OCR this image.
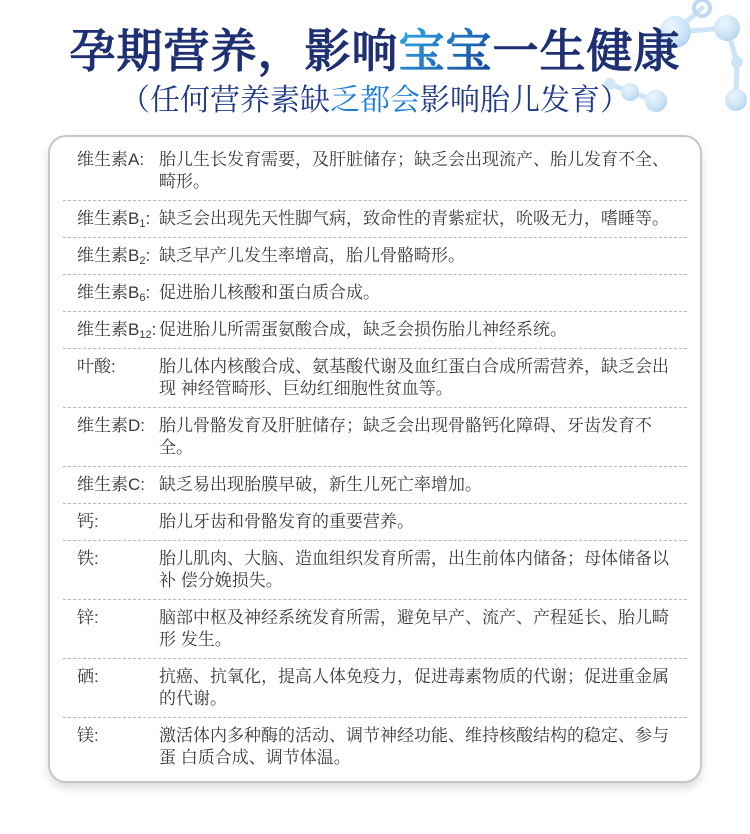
孕期营养，影响宝宝一生健康
（任何营养素缺乏都会影响胎儿发育）
维生素A: 胎儿生长发育需要，及肝脏储存；缺乏会出现流产、胎儿发育不全、畸形。
维生素$B_1$: 缺乏会出现先天性脚气病，致命性的青紫症状，吮吸无力，嗜睡等。
维生素$B_2$: 缺乏早产儿发生率增高，胎儿骨骼畸形。
维生素$B_6$: 促进胎儿核酸和蛋白质合成。
维生素$B_{12}$: 促进胎儿所需蛋氨酸合成，缺乏会损伤胎儿神经系统。
叶酸:	胎儿体内核酸合成、氨基酸代谢及血红蛋白合成所需营养，缺乏会出现 神经管畸形、巨幼红细胞性贫血等。
维生素D: 胎儿骨骼发育及肝脏储存；缺乏会出现骨骼钙化障碍、牙齿发育不全。
维生素C: 缺乏易出现胎膜早破，新生儿死亡率增加。
钙:	胎儿牙齿和骨骼发育的重要营养。
铁:	胎儿肌肉、大脑、造血组织发育所需，出生前体内储备；母体储备以补 偿分娩损失。
锌:	脑部中枢及神经系统发育所需，避免早产、流产、产程延长、胎儿畸形 发生。
硒:	抗癌、抗氧化，提高人体免疫力，促进毒素物质的代谢；促进重金属的代谢。
镁:	激活体内多种酶的活动、调节神经功能、维持核酸结构的稳定、参与蛋 白质合成、调节体温。
